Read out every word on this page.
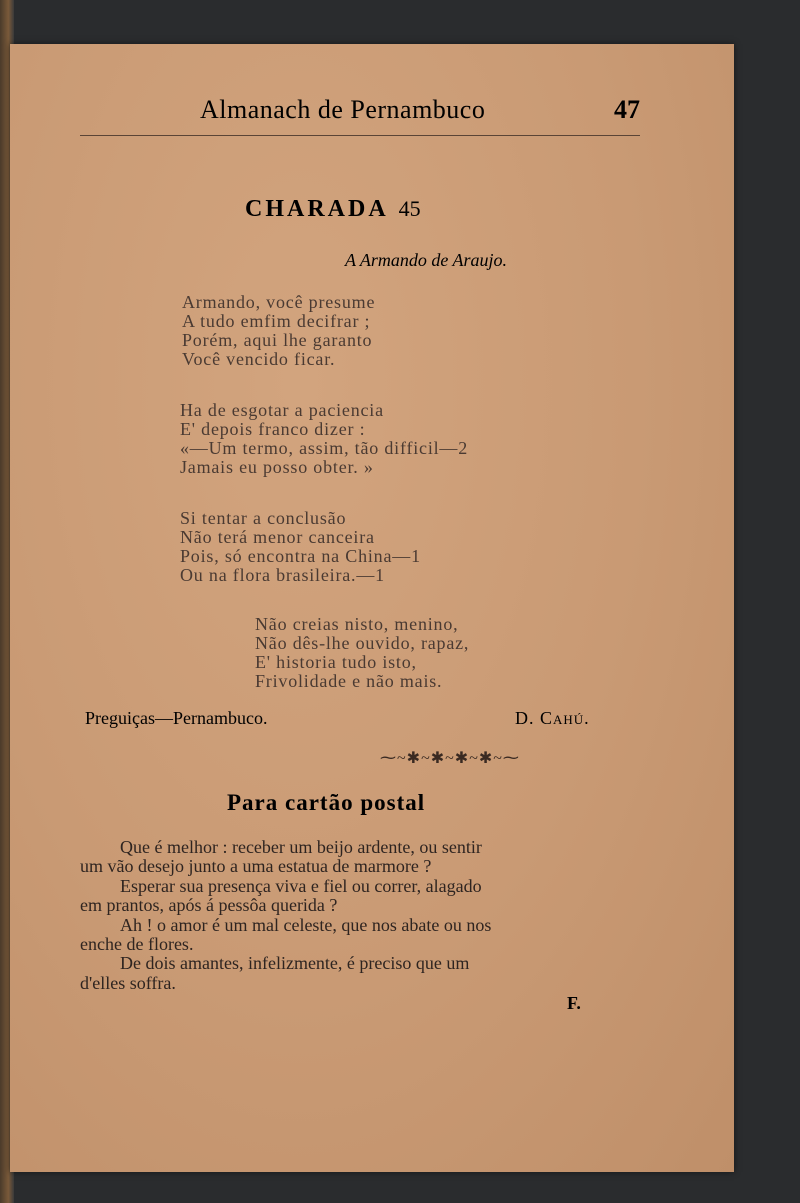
Almanach de Pernambuco	47
CHARADA 45
A Armando de Araujo.
Armando, você presume
A tudo emfim decifrar ;
Porém, aqui lhe garanto
Você vencido ficar.
Ha de esgotar a paciencia
E' depois franco dizer :
«—Um termo, assim, tão difficil—2
Jamais eu posso obter. »
Si tentar a conclusão
Não terá menor canceira
Pois, só encontra na China—1
Ou na flora brasileira.—1
Não creias nisto, menino,
Não dês-lhe ouvido, rapaz,
E' historia tudo isto,
Frivolidade e não mais.
Preguiças—Pernambuco.	D. Cahú.
⁓~✱~✱~✱~✱~⁓
Para cartão postal
Que é melhor : receber um beijo ardente, ou sentir
um vão desejo junto a uma estatua de marmore ?
Esperar sua presença viva e fiel ou correr, alagado
em prantos, após á pessôa querida ?
Ah ! o amor é um mal celeste, que nos abate ou nos
enche de flores.
De dois amantes, infelizmente, é preciso que um
d'elles soffra.
F.
